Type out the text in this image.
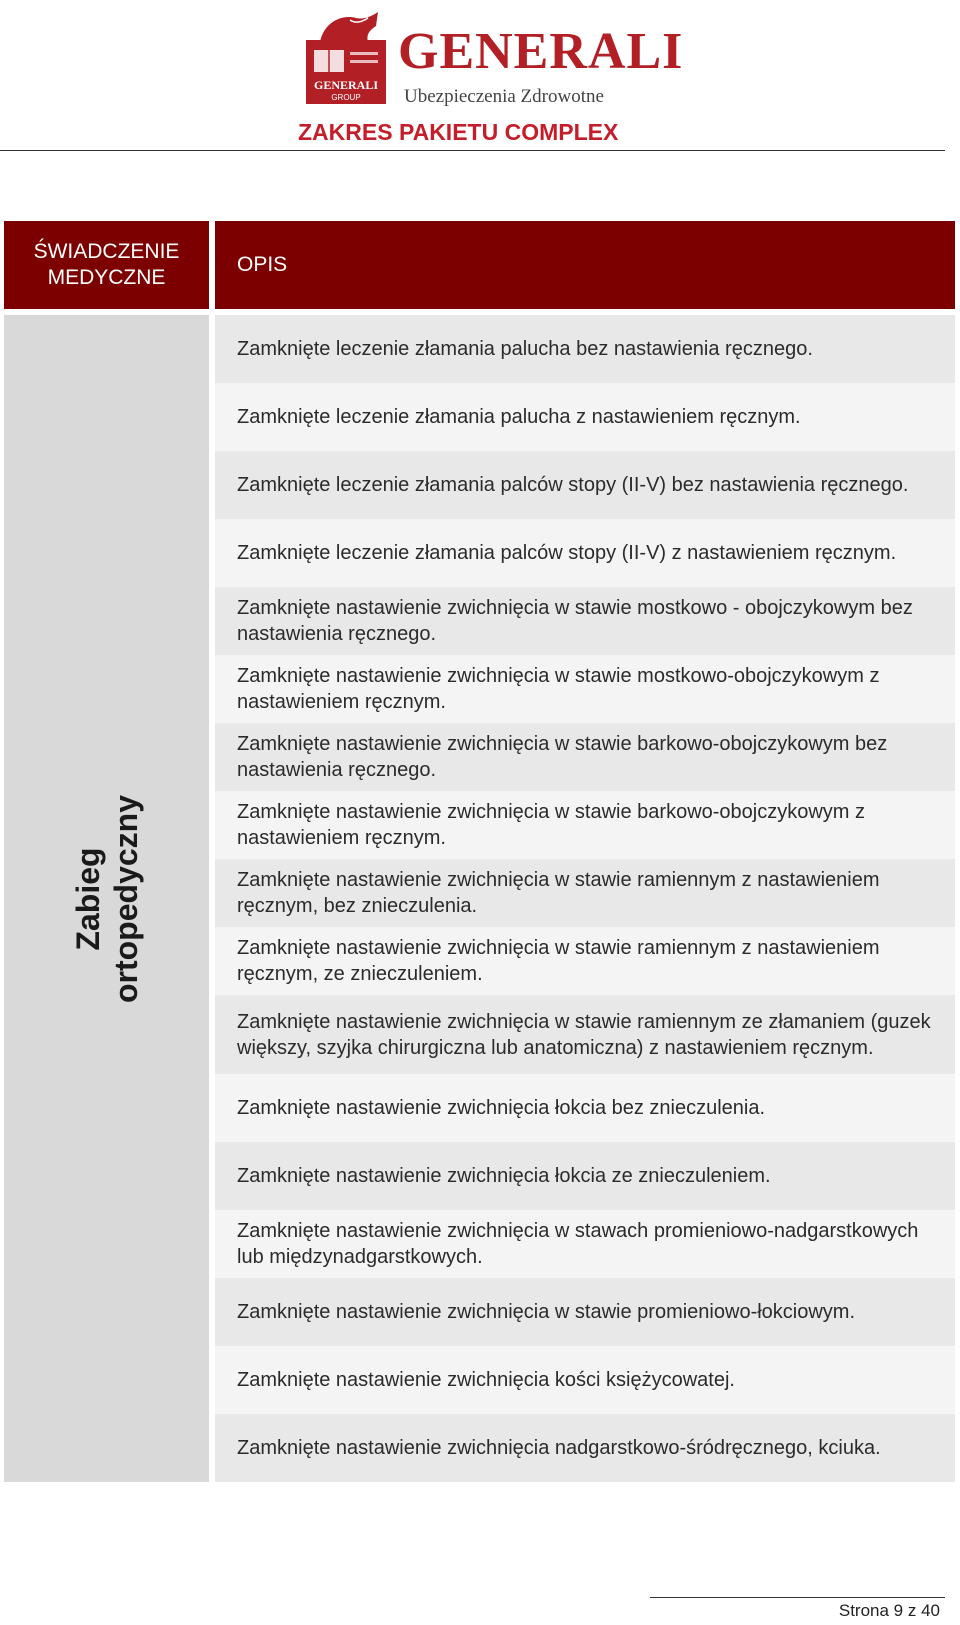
GENERALI
GROUP
GENERALI
Ubezpieczenia Zdrowotne
ZAKRES PAKIETU COMPLEX
ŚWIADCZENIE MEDYCZNE
OPIS
Zabieg ortopedyczny
Zamknięte leczenie złamania palucha bez nastawienia ręcznego.
Zamknięte leczenie złamania palucha z nastawieniem ręcznym.
Zamknięte leczenie złamania palców stopy (II-V) bez nastawienia ręcznego.
Zamknięte leczenie złamania palców stopy (II-V) z nastawieniem ręcznym.
Zamknięte nastawienie zwichnięcia w stawie mostkowo - obojczykowym bez nastawienia ręcznego.
Zamknięte nastawienie zwichnięcia w stawie mostkowo-obojczykowym z nastawieniem ręcznym.
Zamknięte nastawienie zwichnięcia w stawie barkowo-obojczykowym bez nastawienia ręcznego.
Zamknięte nastawienie zwichnięcia w stawie barkowo-obojczykowym z nastawieniem ręcznym.
Zamknięte nastawienie zwichnięcia w stawie ramiennym z nastawieniem ręcznym, bez znieczulenia.
Zamknięte nastawienie zwichnięcia w stawie ramiennym z nastawieniem ręcznym, ze znieczuleniem.
Zamknięte nastawienie zwichnięcia w stawie ramiennym ze złamaniem (guzek większy, szyjka chirurgiczna lub anatomiczna) z nastawieniem ręcznym.
Zamknięte nastawienie zwichnięcia łokcia bez znieczulenia.
Zamknięte nastawienie zwichnięcia łokcia ze znieczuleniem.
Zamknięte nastawienie zwichnięcia w stawach promieniowo-nadgarstkowych lub międzynadgarstkowych.
Zamknięte nastawienie zwichnięcia w stawie promieniowo-łokciowym.
Zamknięte nastawienie zwichnięcia kości księżycowatej.
Zamknięte nastawienie zwichnięcia nadgarstkowo-śródręcznego, kciuka.
Strona 9 z 40
